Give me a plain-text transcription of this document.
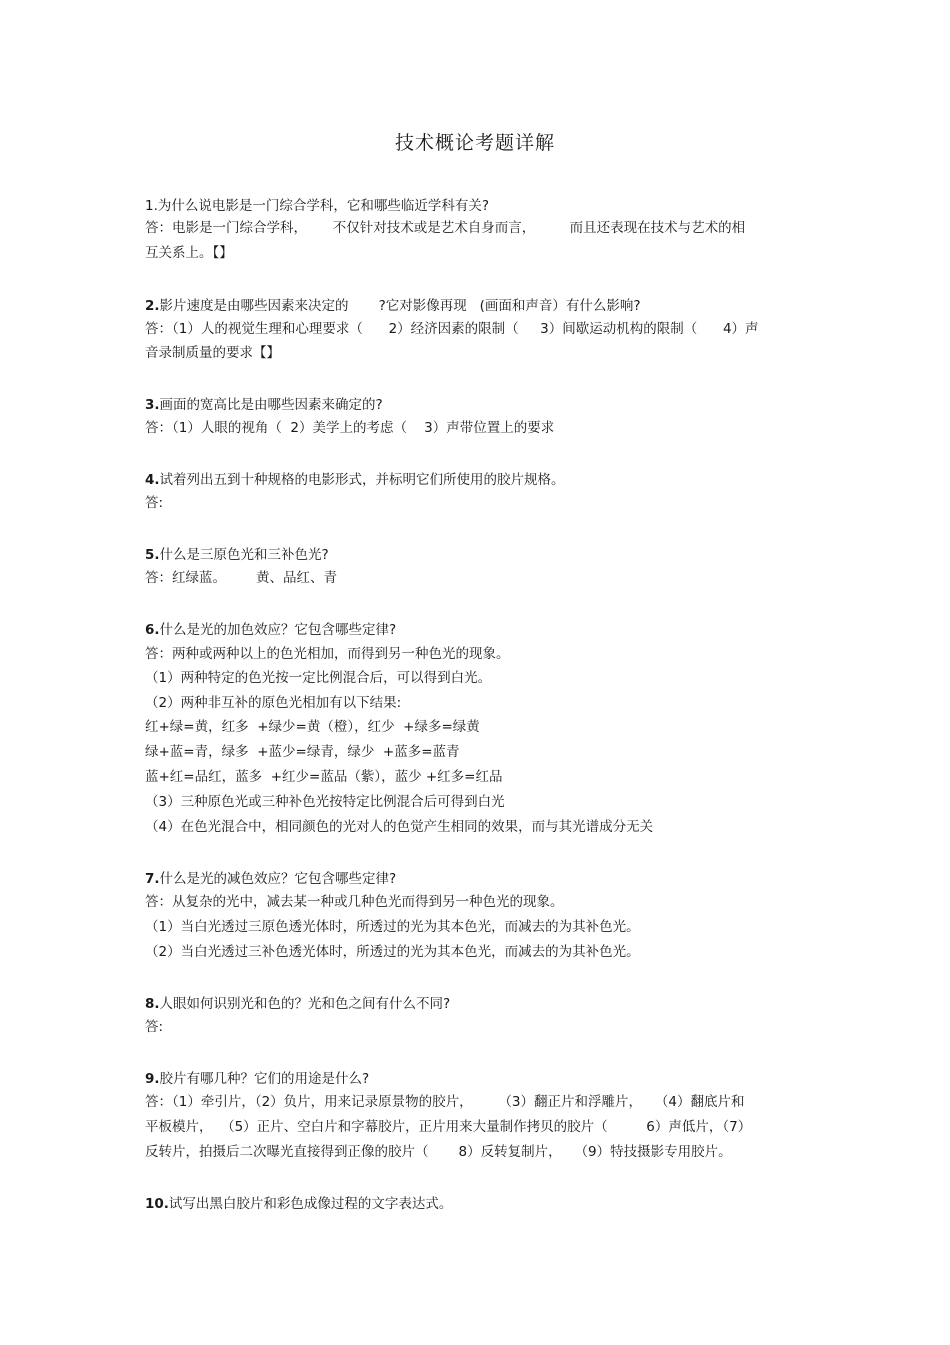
技术概论考题详解
1.为什么说电影是一门综合学科，它和哪些临近学科有关?
答：电影是一门综合学科，      不仅针对技术或是艺术自身而言，        而且还表现在技术与艺术的相
互关系上。【】
2.影片速度是由哪些因素来决定的       ?它对影像再现   (画面和声音）有什么影响?
答：（1）人的视觉生理和心理要求（      2）经济因素的限制（     3）间歇运动机构的限制（      4）声
音录制质量的要求【】
3.画面的宽高比是由哪些因素来确定的?
答：（1）人眼的视角（  2）美学上的考虑（    3）声带位置上的要求
4.试着列出五到十种规格的电影形式，并标明它们所使用的胶片规格。
答:
5.什么是三原色光和三补色光?
答：红绿蓝。       黄、品红、青
6.什么是光的加色效应？它包含哪些定律?
答：两种或两种以上的色光相加，而得到另一种色光的现象。
（1）两种特定的色光按一定比例混合后，可以得到白光。
（2）两种非互补的原色光相加有以下结果:
红+绿=黄，红多  +绿少=黄（橙），红少  +绿多=绿黄
绿+蓝=青，绿多  +蓝少=绿青，绿少  +蓝多=蓝青
蓝+红=品红，蓝多  +红少=蓝品（紫），蓝少 +红多=红品
（3）三种原色光或三种补色光按特定比例混合后可得到白光
（4）在色光混合中，相同颜色的光对人的色觉产生相同的效果，而与其光谱成分无关
7.什么是光的减色效应？它包含哪些定律?
答：从复杂的光中，减去某一种或几种色光而得到另一种色光的现象。
（1）当白光透过三原色透光体时，所透过的光为其本色光，而减去的为其补色光。
（2）当白光透过三补色透光体时，所透过的光为其本色光，而减去的为其补色光。
8.人眼如何识别光和色的？光和色之间有什么不同?
答:
9.胶片有哪几种？它们的用途是什么?
答：（1）牵引片，（2）负片，用来记录原景物的胶片，      （3）翻正片和浮雕片，   （4）翻底片和
平板模片，  （5）正片、空白片和字幕胶片，正片用来大量制作拷贝的胶片（         6）声低片，（7）
反转片，拍摄后二次曝光直接得到正像的胶片（       8）反转复制片，   （9）特技摄影专用胶片。
10.试写出黑白胶片和彩色成像过程的文字表达式。
